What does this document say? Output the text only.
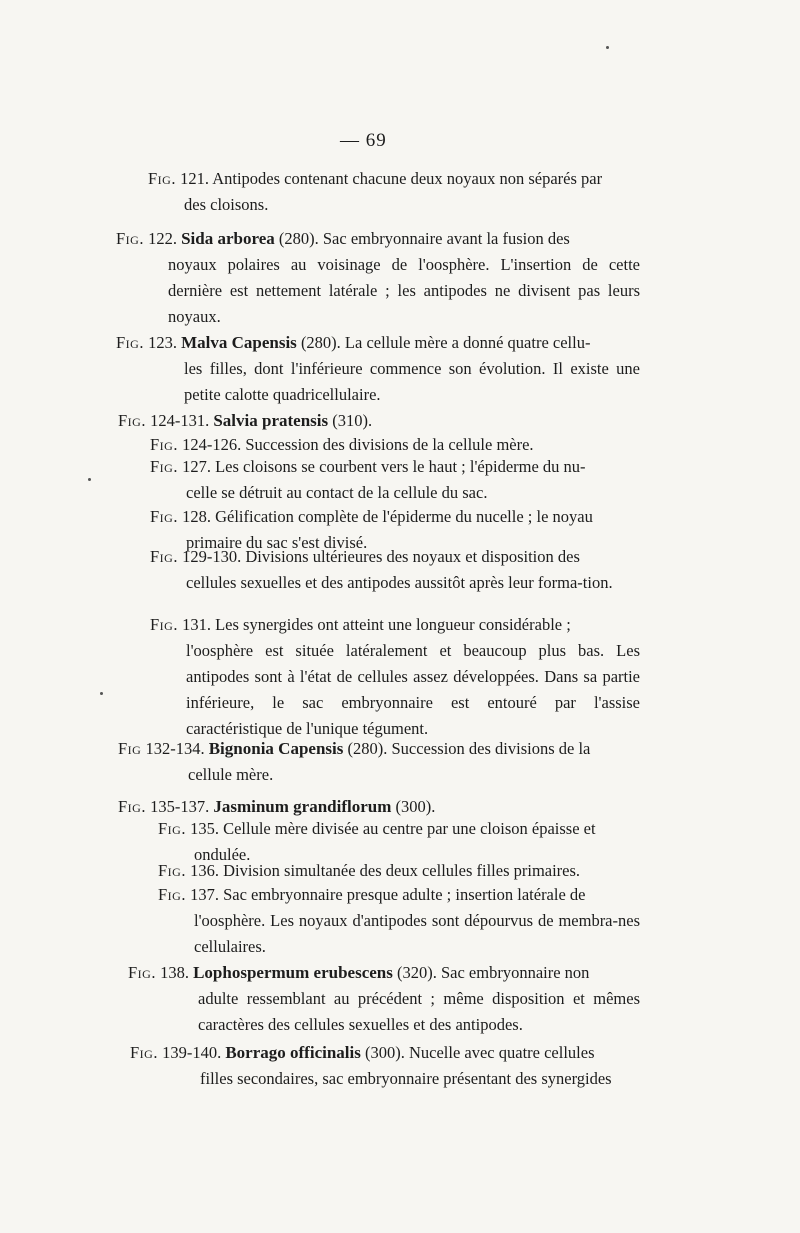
— 69
Fig. 121. Antipodes contenant chacune deux noyaux non séparés par
des cloisons.
Fig. 122. Sida arborea (280). Sac embryonnaire avant la fusion des
noyaux polaires au voisinage de l'oosphère. L'insertion de cette dernière est nettement latérale ; les antipodes ne divisent pas leurs noyaux.
Fig. 123. Malva Capensis (280). La cellule mère a donné quatre cellu-
les filles, dont l'inférieure commence son évolution. Il existe une petite calotte quadricellulaire.
Fig. 124-131. Salvia pratensis (310).
Fig. 124-126. Succession des divisions de la cellule mère.
Fig. 127. Les cloisons se courbent vers le haut ; l'épiderme du nu-
celle se détruit au contact de la cellule du sac.
Fig. 128. Gélification complète de l'épiderme du nucelle ; le noyau
primaire du sac s'est divisé.
Fig. 129-130. Divisions ultérieures des noyaux et disposition des
cellules sexuelles et des antipodes aussitôt après leur forma-tion.
Fig. 131. Les synergides ont atteint une longueur considérable ;
l'oosphère est située latéralement et beaucoup plus bas. Les antipodes sont à l'état de cellules assez développées. Dans sa partie inférieure, le sac embryonnaire est entouré par l'assise caractéristique de l'unique tégument.
Fig 132-134. Bignonia Capensis (280). Succession des divisions de la
cellule mère.
Fig. 135-137. Jasminum grandiflorum (300).
Fig. 135. Cellule mère divisée au centre par une cloison épaisse et
ondulée.
Fig. 136. Division simultanée des deux cellules filles primaires.
Fig. 137. Sac embryonnaire presque adulte ; insertion latérale de
l'oosphère. Les noyaux d'antipodes sont dépourvus de membra-nes cellulaires.
Fig. 138. Lophospermum erubescens (320). Sac embryonnaire non
adulte ressemblant au précédent ; même disposition et mêmes caractères des cellules sexuelles et des antipodes.
Fig. 139-140. Borrago officinalis (300). Nucelle avec quatre cellules
filles secondaires, sac embryonnaire présentant des synergides
